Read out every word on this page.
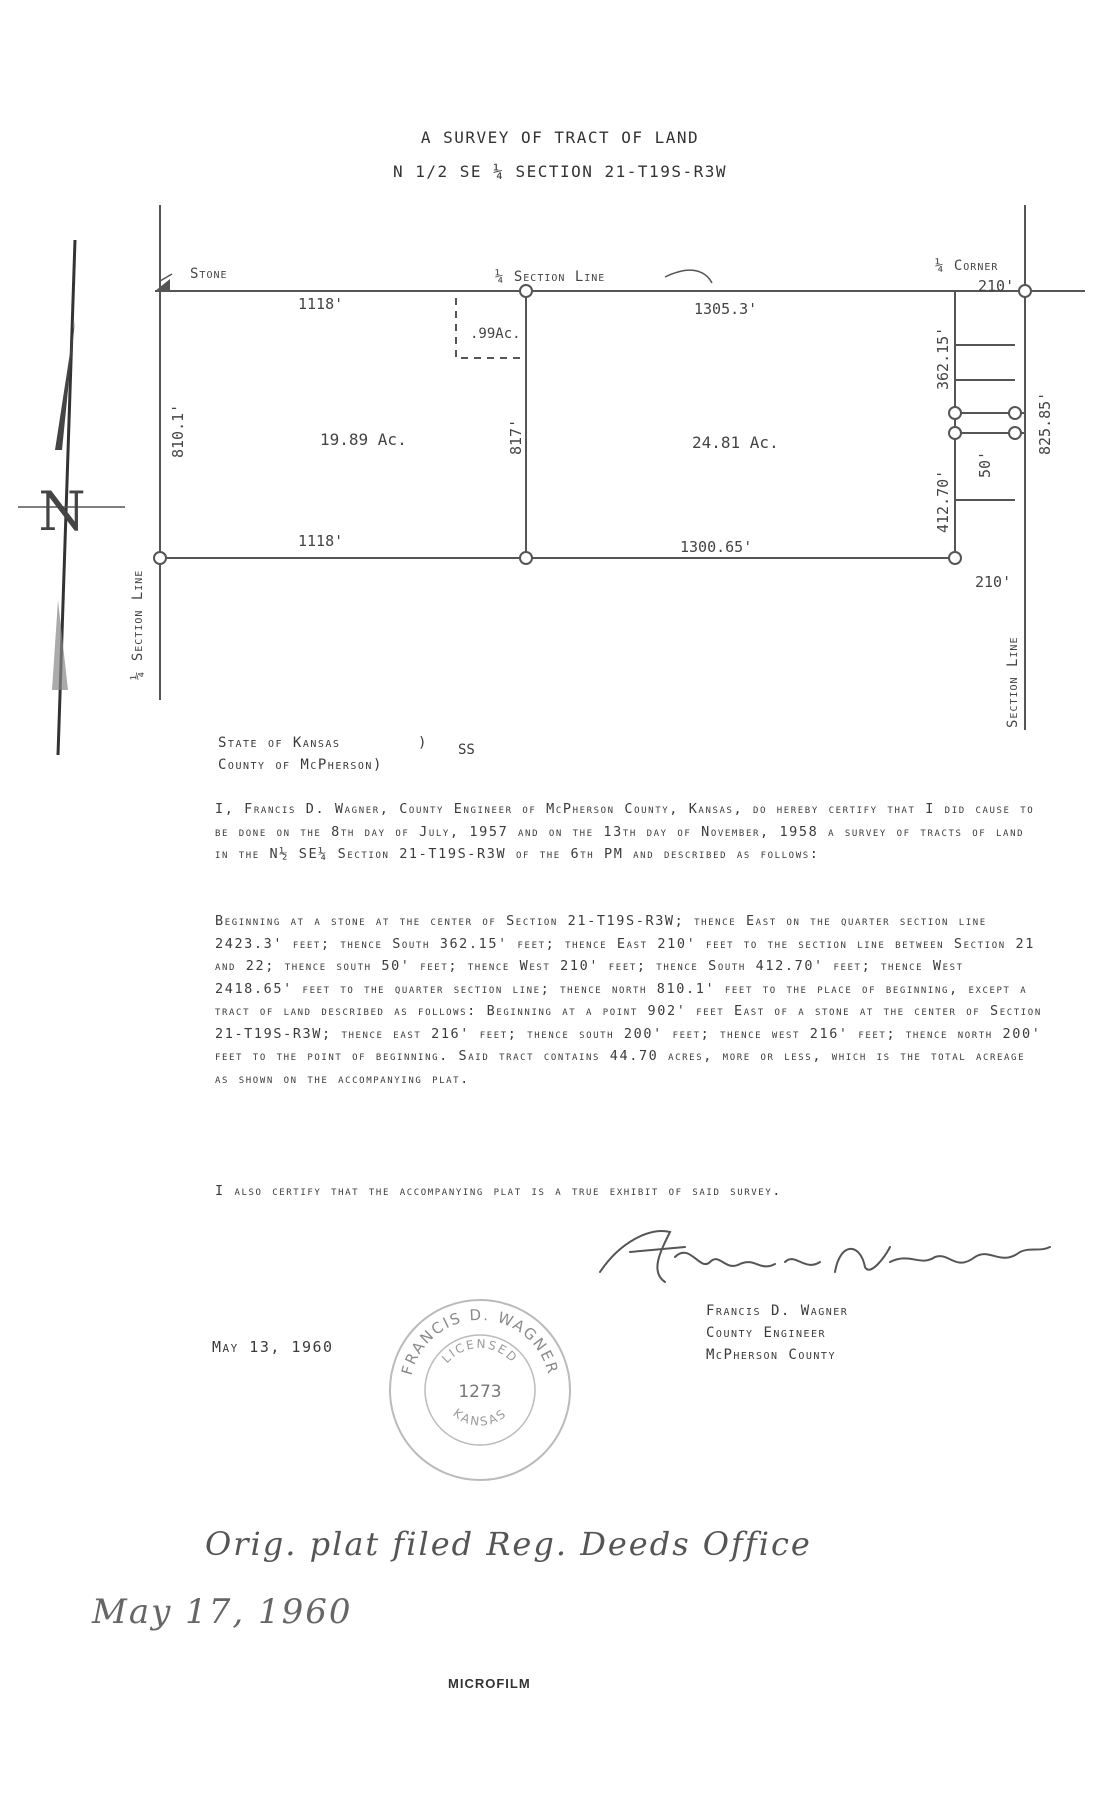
A SURVEY OF TRACT OF LAND
N 1/2 SE ¼ SECTION 21-T19S-R3W
N
Stone	¼ Section Line
¼ Corner
¼ Section Line
Section Line
1118'	1305.3'
1118'	1300.65'
810.1'	817'
362.15'
412.70'
825.85'
50'
210'
210'
.99Ac.
19.89 Ac.	24.81 Ac.
State of Kansas	)
County of McPherson )
SS
I, Francis D. Wagner, County Engineer of McPherson County, Kansas, do hereby certify that I did cause to be done on the 8th day of July, 1957 and on the 13th day of November, 1958 a survey of tracts of land in the N½ SE¼ Section 21-T19S-R3W of the 6th PM and described as follows:
Beginning at a stone at the center of Section 21-T19S-R3W; thence East on the quarter section line 2423.3' feet; thence South 362.15' feet; thence East 210' feet to the section line between Section 21 and 22; thence south 50' feet; thence West 210' feet; thence South 412.70' feet; thence West 2418.65' feet to the quarter section line; thence north 810.1' feet to the place of beginning, except a tract of land described as follows: Beginning at a point 902' feet East of a stone at the center of Section 21-T19S-R3W; thence east 216' feet; thence south 200' feet; thence west 216' feet; thence north 200' feet to the point of beginning. Said tract contains 44.70 acres, more or less, which is the total acreage as shown on the accompanying plat.
I also certify that the accompanying plat is a true exhibit of said survey.
Francis D. Wagner
County Engineer
McPherson County
May 13, 1960
FRANCIS D. WAGNER
LICENSED
1273
KANSAS
Orig. plat filed Reg. Deeds Office
May 17, 1960
MICROFILM
